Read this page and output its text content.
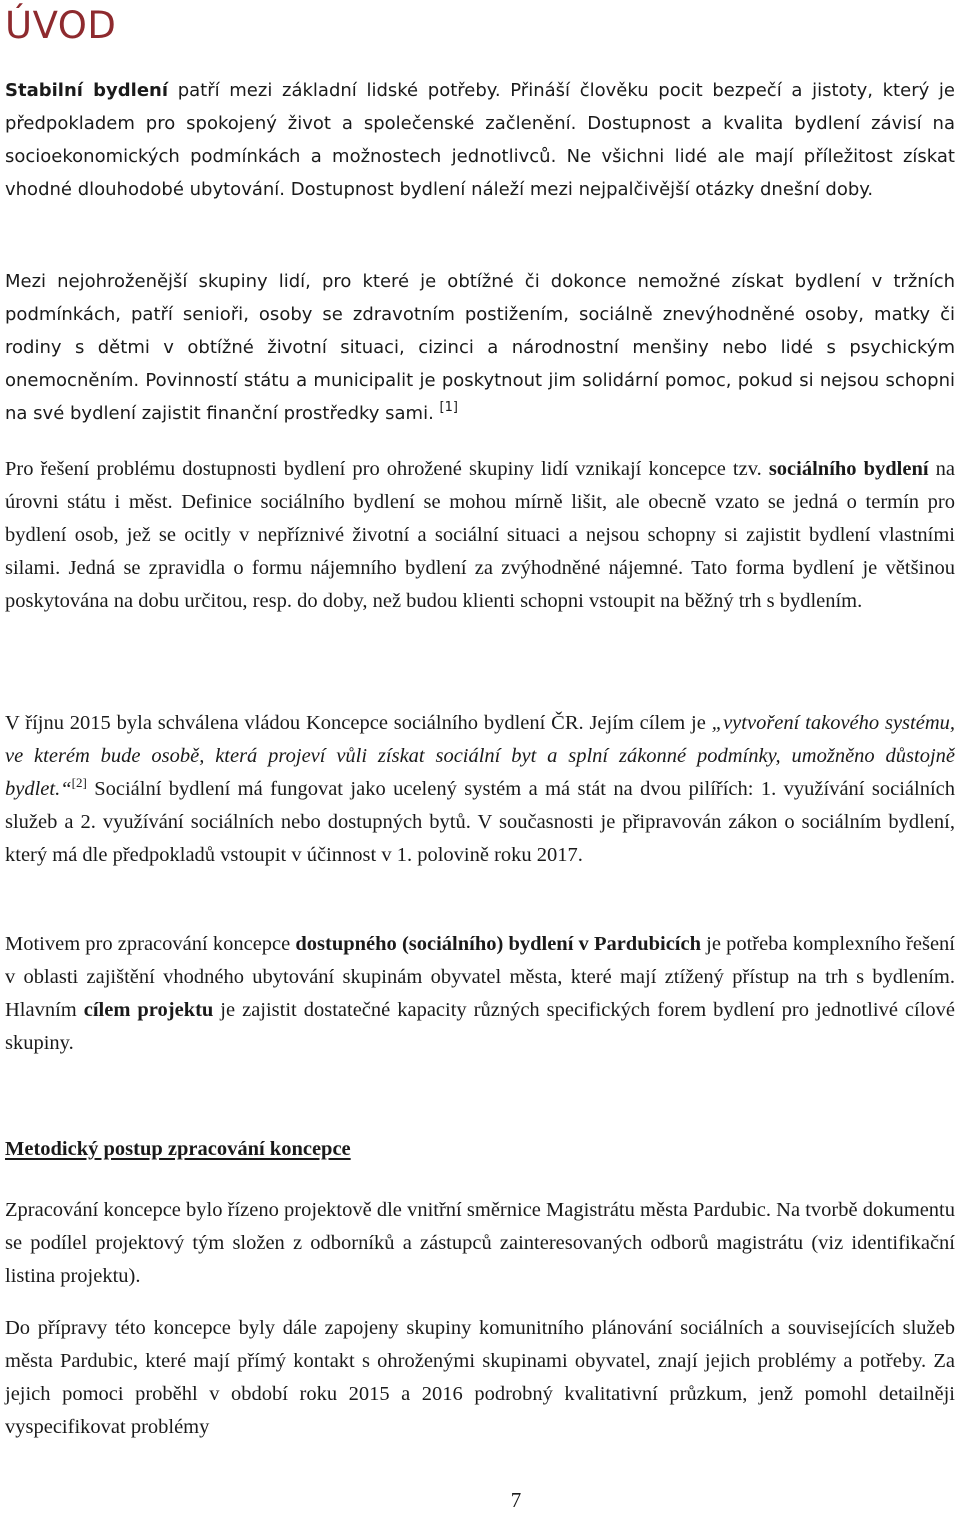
ÚVOD

Stabilní bydlení patří mezi základní lidské potřeby. Přináší člověku pocit bezpečí a jistoty, který je předpokladem pro spokojený život a společenské začlenění. Dostupnost a kvalita bydlení závisí na socioekonomických podmínkách a možnostech jednotlivců. Ne všichni lidé ale mají příležitost získat vhodné dlouhodobé ubytování. Dostupnost bydlení náleží mezi nejpalčivější otázky dnešní doby.

Mezi nejohroženější skupiny lidí, pro které je obtížné či dokonce nemožné získat bydlení v tržních podmínkách, patří senioři, osoby se zdravotním postižením, sociálně znevýhodněné osoby, matky či rodiny s dětmi v obtížné životní situaci, cizinci a národnostní menšiny nebo lidé s psychickým onemocněním. Povinností státu a municipalit je poskytnout jim solidární pomoc, pokud si nejsou schopni na své bydlení zajistit finanční prostředky sami. [1]

Pro řešení problému dostupnosti bydlení pro ohrožené skupiny lidí vznikají koncepce tzv. sociálního bydlení na úrovni státu i měst. Definice sociálního bydlení se mohou mírně lišit, ale obecně vzato se jedná o termín pro bydlení osob, jež se ocitly v nepříznivé životní a sociální situaci a nejsou schopny si zajistit bydlení vlastními silami. Jedná se zpravidla o formu nájemního bydlení za zvýhodněné nájemné. Tato forma bydlení je většinou poskytována na dobu určitou, resp. do doby, než budou klienti schopni vstoupit na běžný trh s bydlením.

V říjnu 2015 byla schválena vládou Koncepce sociálního bydlení ČR. Jejím cílem je „vytvoření takového systému, ve kterém bude osobě, která projeví vůli získat sociální byt a splní zákonné podmínky, umožněno důstojně bydlet.“[2] Sociální bydlení má fungovat jako ucelený systém a má stát na dvou pilířích: 1. využívání sociálních služeb a 2. využívání sociálních nebo dostupných bytů. V současnosti je připravován zákon o sociálním bydlení, který má dle předpokladů vstoupit v účinnost v 1. polovině roku 2017.

Motivem pro zpracování koncepce dostupného (sociálního) bydlení v Pardubicích je potřeba komplexního řešení v oblasti zajištění vhodného ubytování skupinám obyvatel města, které mají ztížený přístup na trh s bydlením. Hlavním cílem projektu je zajistit dostatečné kapacity různých specifických forem bydlení pro jednotlivé cílové skupiny.

Metodický postup zpracování koncepce

Zpracování koncepce bylo řízeno projektově dle vnitřní směrnice Magistrátu města Pardubic. Na tvorbě dokumentu se podílel projektový tým složen z odborníků a zástupců zainteresovaných odborů magistrátu (viz identifikační listina projektu).

Do přípravy této koncepce byly dále zapojeny skupiny komunitního plánování sociálních a souvisejících služeb města Pardubic, které mají přímý kontakt s ohroženými skupinami obyvatel, znají jejich problémy a potřeby. Za jejich pomoci proběhl v období roku 2015 a 2016 podrobný kvalitativní průzkum, jenž pomohl detailněji vyspecifikovat problémy

7
